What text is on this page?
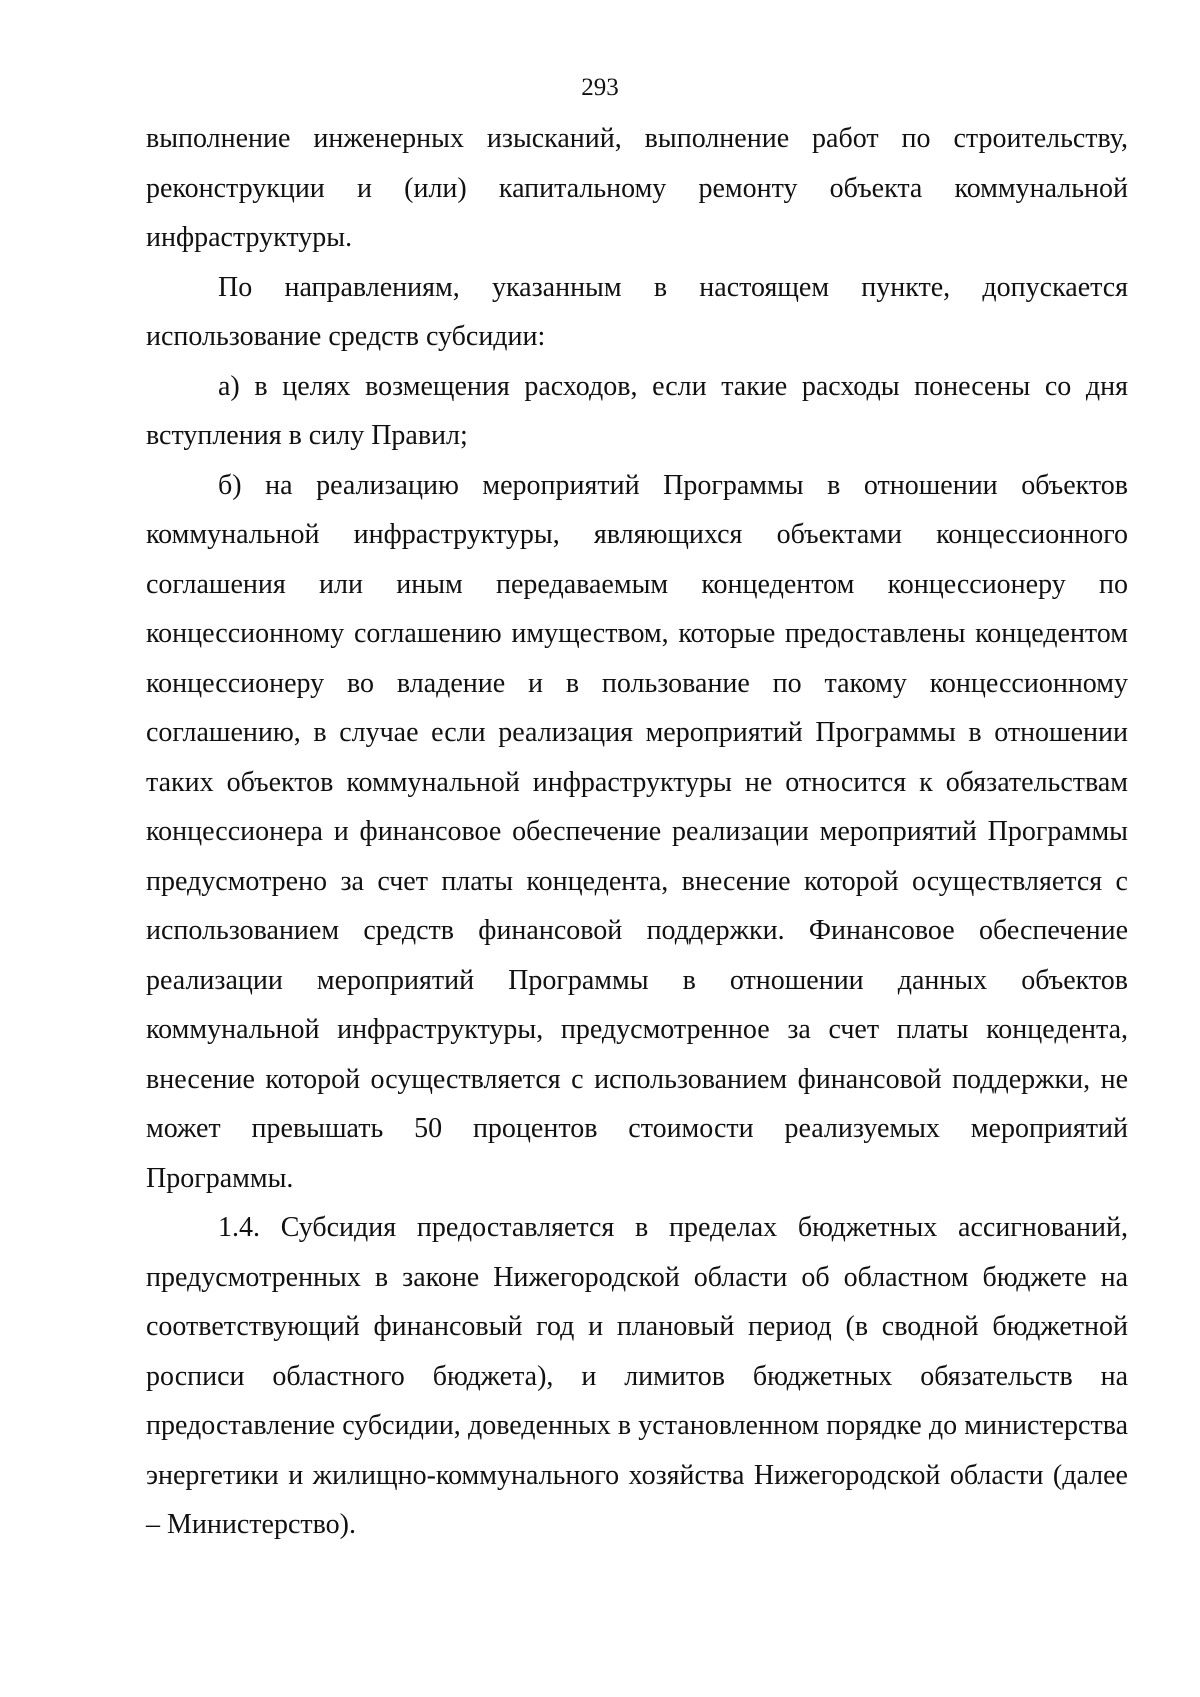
293

выполнение инженерных изысканий, выполнение работ по строительству, реконструкции и (или) капитальному ремонту объекта коммунальной инфраструктуры.

По направлениям, указанным в настоящем пункте, допускается использование средств субсидии:

а) в целях возмещения расходов, если такие расходы понесены со дня вступления в силу Правил;

б) на реализацию мероприятий Программы в отношении объектов коммунальной инфраструктуры, являющихся объектами концессионного соглашения или иным передаваемым концедентом концессионеру по концессионному соглашению имуществом, которые предоставлены концедентом концессионеру во владение и в пользование по такому концессионному соглашению, в случае если реализация мероприятий Программы в отношении таких объектов коммунальной инфраструктуры не относится к обязательствам концессионера и финансовое обеспечение реализации мероприятий Программы предусмотрено за счет платы концедента, внесение которой осуществляется с использованием средств финансовой поддержки. Финансовое обеспечение реализации мероприятий Программы в отношении данных объектов коммунальной инфраструктуры, предусмотренное за счет платы концедента, внесение которой осуществляется с использованием финансовой поддержки, не может превышать 50 процентов стоимости реализуемых мероприятий Программы.

1.4. Субсидия предоставляется в пределах бюджетных ассигнований, предусмотренных в законе Нижегородской области об областном бюджете на соответствующий финансовый год и плановый период (в сводной бюджетной росписи областного бюджета), и лимитов бюджетных обязательств на предоставление субсидии, доведенных в установленном порядке до министерства энергетики и жилищно-коммунального хозяйства Нижегородской области (далее – Министерство).
